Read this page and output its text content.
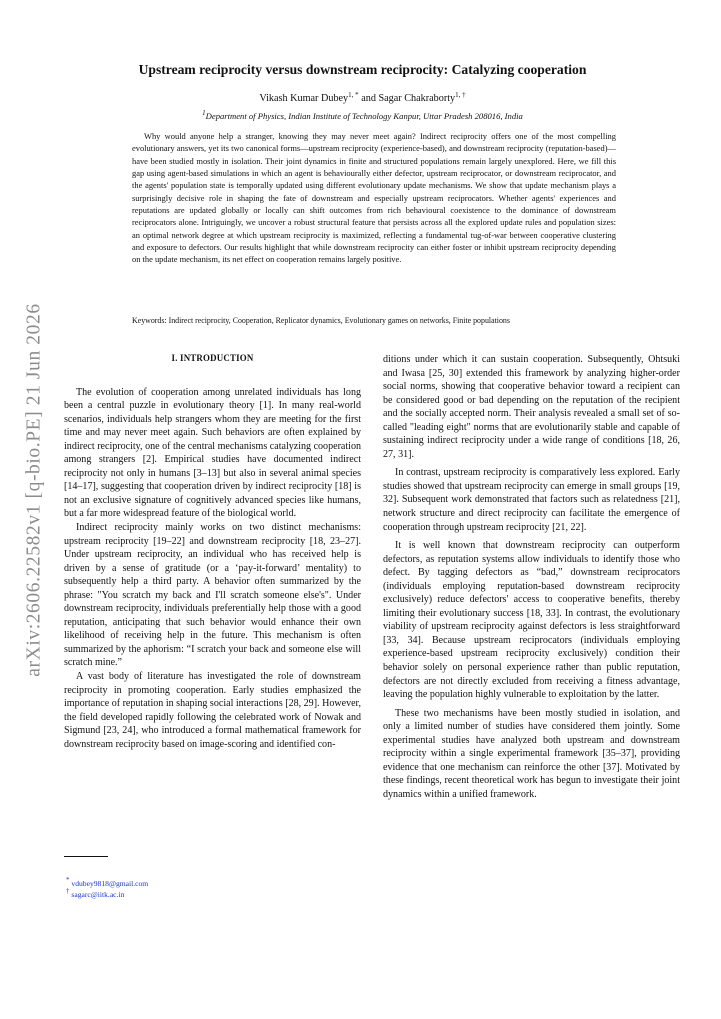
arXiv:2606.22582v1 [q-bio.PE] 21 Jun 2026
Upstream reciprocity versus downstream reciprocity: Catalyzing cooperation
Vikash Kumar Dubey$^{1, *}$ and Sagar Chakraborty$^{1, \dagger}$
$^1$Department of Physics, Indian Institute of Technology Kanpur, Uttar Pradesh 208016, India

Why would anyone help a stranger, knowing they may never meet again? Indirect reciprocity offers one of the most compelling evolutionary answers, yet its two canonical forms—upstream reciprocity (experience-based), and downstream reciprocity (reputation-based)—have been studied mostly in isolation. Their joint dynamics in finite and structured populations remain largely unexplored. Here, we fill this gap using agent-based simulations in which an agent is behaviourally either defector, upstream reciprocator, or downstream reciprocator, and the agents' population state is temporally updated using different evolutionary update mechanisms. We show that update mechanism plays a surprisingly decisive role in shaping the fate of downstream and especially upstream reciprocators. Whether agents' experiences and reputations are updated globally or locally can shift outcomes from rich behavioural coexistence to the dominance of downstream reciprocators alone. Intriguingly, we uncover a robust structural feature that persists across all the explored update rules and population sizes: an optimal network degree at which upstream reciprocity is maximized, reflecting a fundamental tug-of-war between cooperative clustering and exposure to defectors. Our results highlight that while downstream reciprocity can either foster or inhibit upstream reciprocity depending on the update mechanism, its net effect on cooperation remains largely positive.

Keywords: Indirect reciprocity, Cooperation, Replicator dynamics, Evolutionary games on networks, Finite populations
I. INTRODUCTION

The evolution of cooperation among unrelated individuals has long been a central puzzle in evolutionary theory [1]. In many real-world scenarios, individuals help strangers whom they are meeting for the first time and may never meet again. Such behaviors are often explained by indirect reciprocity, one of the central mechanisms catalyzing cooperation among strangers [2]. Empirical studies have documented indirect reciprocity not only in humans [3–13] but also in several animal species [14–17], suggesting that cooperation driven by indirect reciprocity [18] is not an exclusive signature of cognitively advanced species like humans, but a far more widespread feature of the biological world.

Indirect reciprocity mainly works on two distinct mechanisms: upstream reciprocity [19–22] and downstream reciprocity [18, 23–27]. Under upstream reciprocity, an individual who has received help is driven by a sense of gratitude (or a ‘pay-it-forward’ mentality) to subsequently help a third party. A behavior often summarized by the phrase: "You scratch my back and I'll scratch someone else's". Under downstream reciprocity, individuals preferentially help those with a good reputation, anticipating that such behavior would enhance their own likelihood of receiving help in the future. This mechanism is often summarized by the aphorism: “I scratch your back and someone else will scratch mine.”

A vast body of literature has investigated the role of downstream reciprocity in promoting cooperation. Early studies emphasized the importance of reputation in shaping social interactions [28, 29]. However, the field developed rapidly following the celebrated work of Nowak and Sigmund [23, 24], who introduced a formal mathematical framework for downstream reciprocity based on image-scoring and identified con-

ditions under which it can sustain cooperation. Subsequently, Ohtsuki and Iwasa [25, 30] extended this framework by analyzing higher-order social norms, showing that cooperative behavior toward a recipient can be considered good or bad depending on the reputation of the recipient and the socially accepted norm. Their analysis revealed a small set of so-called "leading eight" norms that are evolutionarily stable and capable of sustaining indirect reciprocity under a wide range of conditions [18, 26, 27, 31].

In contrast, upstream reciprocity is comparatively less explored. Early studies showed that upstream reciprocity can emerge in small groups [19, 32]. Subsequent work demonstrated that factors such as relatedness [21], network structure and direct reciprocity can facilitate the emergence of cooperation through upstream reciprocity [21, 22].

It is well known that downstream reciprocity can outperform defectors, as reputation systems allow individuals to identify those who defect. By tagging defectors as “bad,” downstream reciprocators (individuals employing reputation-based downstream reciprocity exclusively) reduce defectors' access to cooperative benefits, thereby limiting their evolutionary success [18, 33]. In contrast, the evolutionary viability of upstream reciprocity against defectors is less straightforward [33, 34]. Because upstream reciprocators (individuals employing experience-based upstream reciprocity exclusively) condition their behavior solely on personal experience rather than public reputation, defectors are not directly excluded from receiving a fitness advantage, leaving the population highly vulnerable to exploitation by the latter.

These two mechanisms have been mostly studied in isolation, and only a limited number of studies have considered them jointly. Some experimental studies have analyzed both upstream and downstream reciprocity within a single experimental framework [35–37], providing evidence that one mechanism can reinforce the other [37]. Motivated by these findings, recent theoretical work has begun to investigate their joint dynamics within a unified framework.

* vdubey9818@gmail.com
† sagarc@iitk.ac.in
